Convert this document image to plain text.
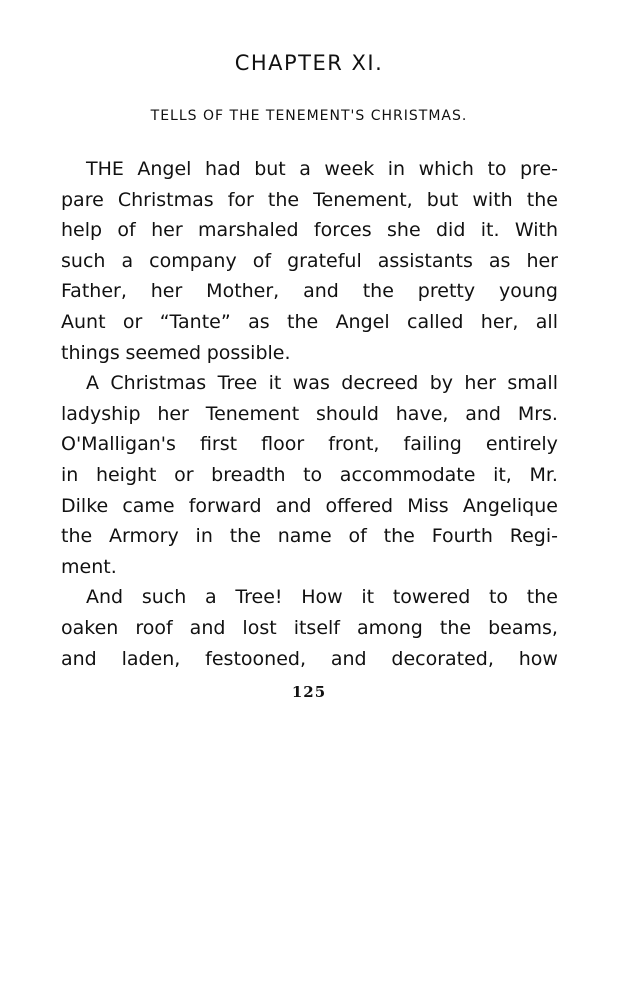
CHAPTER XI.
TELLS OF THE TENEMENT'S CHRISTMAS.
THE Angel had but a week in which to pre-
pare Christmas for the Tenement, but with the
help of her marshaled forces she did it. With
such a company of grateful assistants as her
Father, her Mother, and the pretty young
Aunt or “Tante” as the Angel called her, all
things seemed possible.
A Christmas Tree it was decreed by her small
ladyship her Tenement should have, and Mrs.
O'Malligan's first floor front, failing entirely
in height or breadth to accommodate it, Mr.
Dilke came forward and offered Miss Angelique
the Armory in the name of the Fourth Regi-
ment.
And such a Tree! How it towered to the
oaken roof and lost itself among the beams,
and laden, festooned, and decorated, how
125
